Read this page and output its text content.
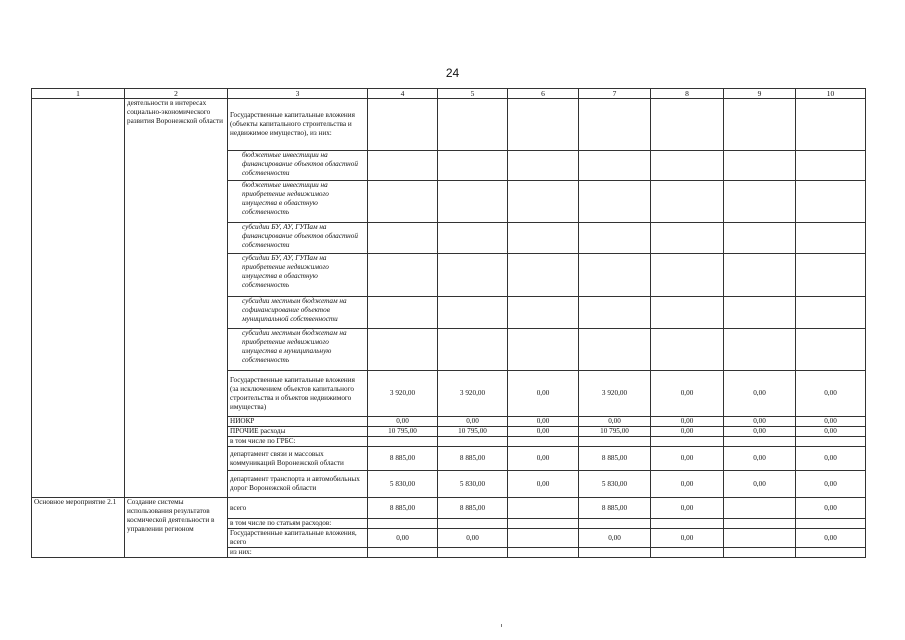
24
1	2	3	4	5	6	7	8	9	10
	деятельности в интересах социально-экономического развития Воронежской области	Государственные капитальные вложения (объекты капитального строительства и недвижимое имущество), из них:							
		бюджетные инвестиции на финансирование объектов областной собственности							
		бюджетные инвестиции на приобретение недвижимого имущества в областную собственность							
		субсидии БУ, АУ, ГУПам на финансирование объектов областной собственности							
		субсидии БУ, АУ, ГУПам на приобретение недвижимого имущества в областную собственность							
		субсидии местным бюджетам на софинансирование объектов муниципальной собственности							
		субсидии местным бюджетам на приобретение недвижимого имущества в муниципальную собственность							
		Государственные капитальные вложения (за исключением объектов капитального строительства и объектов недвижимого имущества)	3 920,00	3 920,00	0,00	3 920,00	0,00	0,00	0,00
		НИОКР	0,00	0,00	0,00	0,00	0,00	0,00	0,00
		ПРОЧИЕ расходы	10 795,00	10 795,00	0,00	10 795,00	0,00	0,00	0,00
		в том числе по ГРБС:							
		департамент связи и массовых коммуникаций Воронежской области	8 885,00	8 885,00	0,00	8 885,00	0,00	0,00	0,00
		департамент транспорта и автомобильных дорог Воронежской области	5 830,00	5 830,00	0,00	5 830,00	0,00	0,00	0,00
Основное мероприятие 2.1	Создание системы использования результатов космической деятельности в управлении регионом	всего	8 885,00	8 885,00		8 885,00	0,00		0,00
		в том числе по статьям расходов:							
		Государственные капитальные вложения, всего	0,00	0,00		0,00	0,00		0,00
		из них:							
